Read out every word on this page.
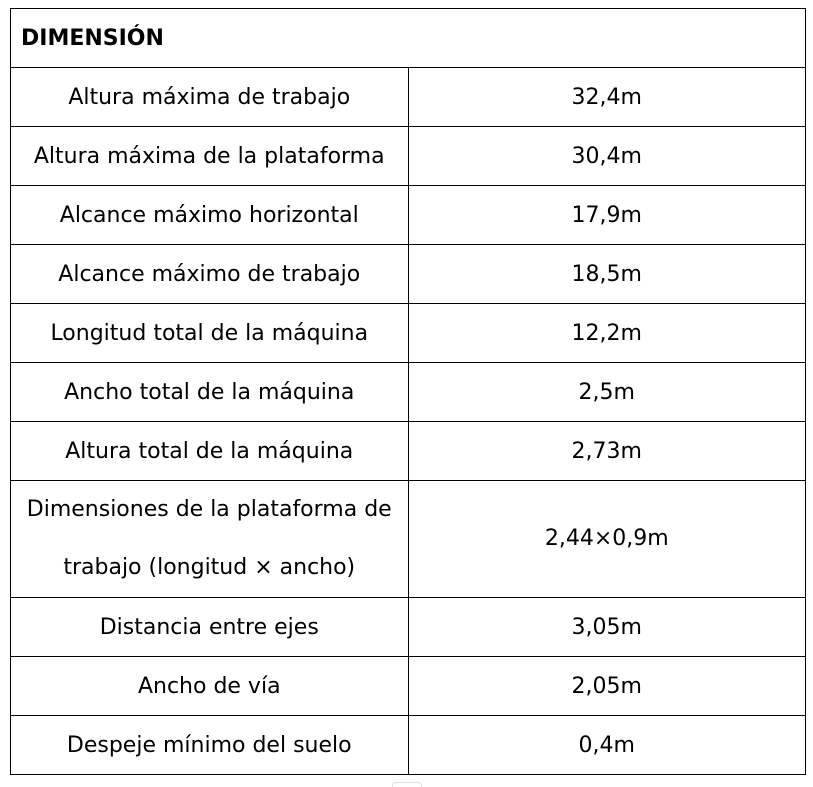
DIMENSIÓN	
Altura máxima de trabajo	32,4m
Altura máxima de la plataforma	30,4m
Alcance máximo horizontal	17,9m
Alcance máximo de trabajo	18,5m
Longitud total de la máquina	12,2m
Ancho total de la máquina	2,5m
Altura total de la máquina	2,73m
Dimensiones de la plataforma de trabajo (longitud × ancho)	2,44×0,9m
Distancia entre ejes	3,05m
Ancho de vía	2,05m
Despeje mínimo del suelo	0,4m
